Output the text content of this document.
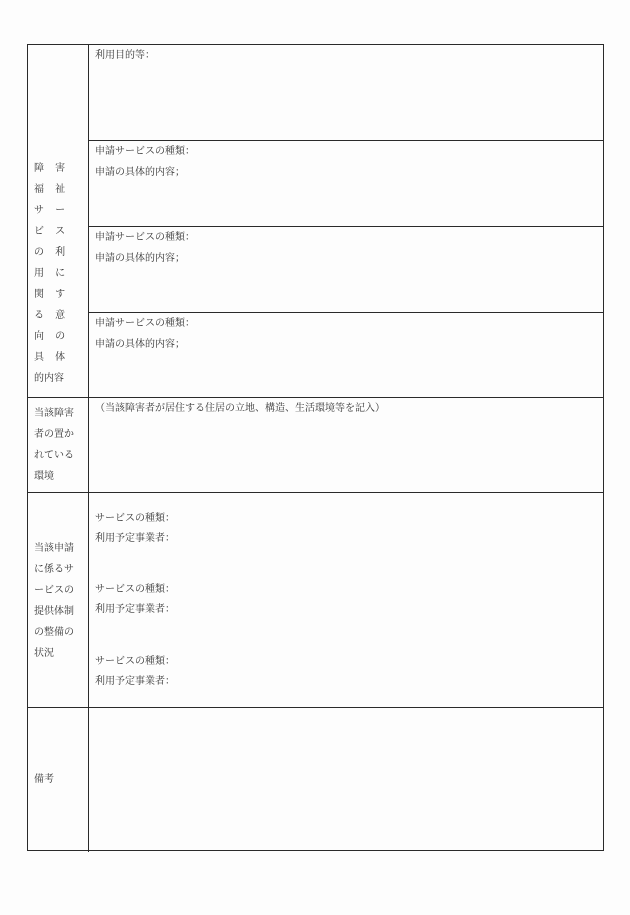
障 害 福 祉
サ ー ビ ス
の 利 用 に
関 す る 意
向 の 具 体
的内容
利用目的等：
申請サービスの種類：
申請の具体的内容；
申請サービスの種類：
申請の具体的内容；
申請サービスの種類：
申請の具体的内容；
当該障害
者の置か
れている
環境
（当該障害者が居住する住居の立地、構造、生活環境等を記入）
当該申請
に係るサ
ービスの
提供体制
の整備の
状況
サービスの種類：
利用予定事業者：
サービスの種類：
利用予定事業者：
サービスの種類：
利用予定事業者：
備考
